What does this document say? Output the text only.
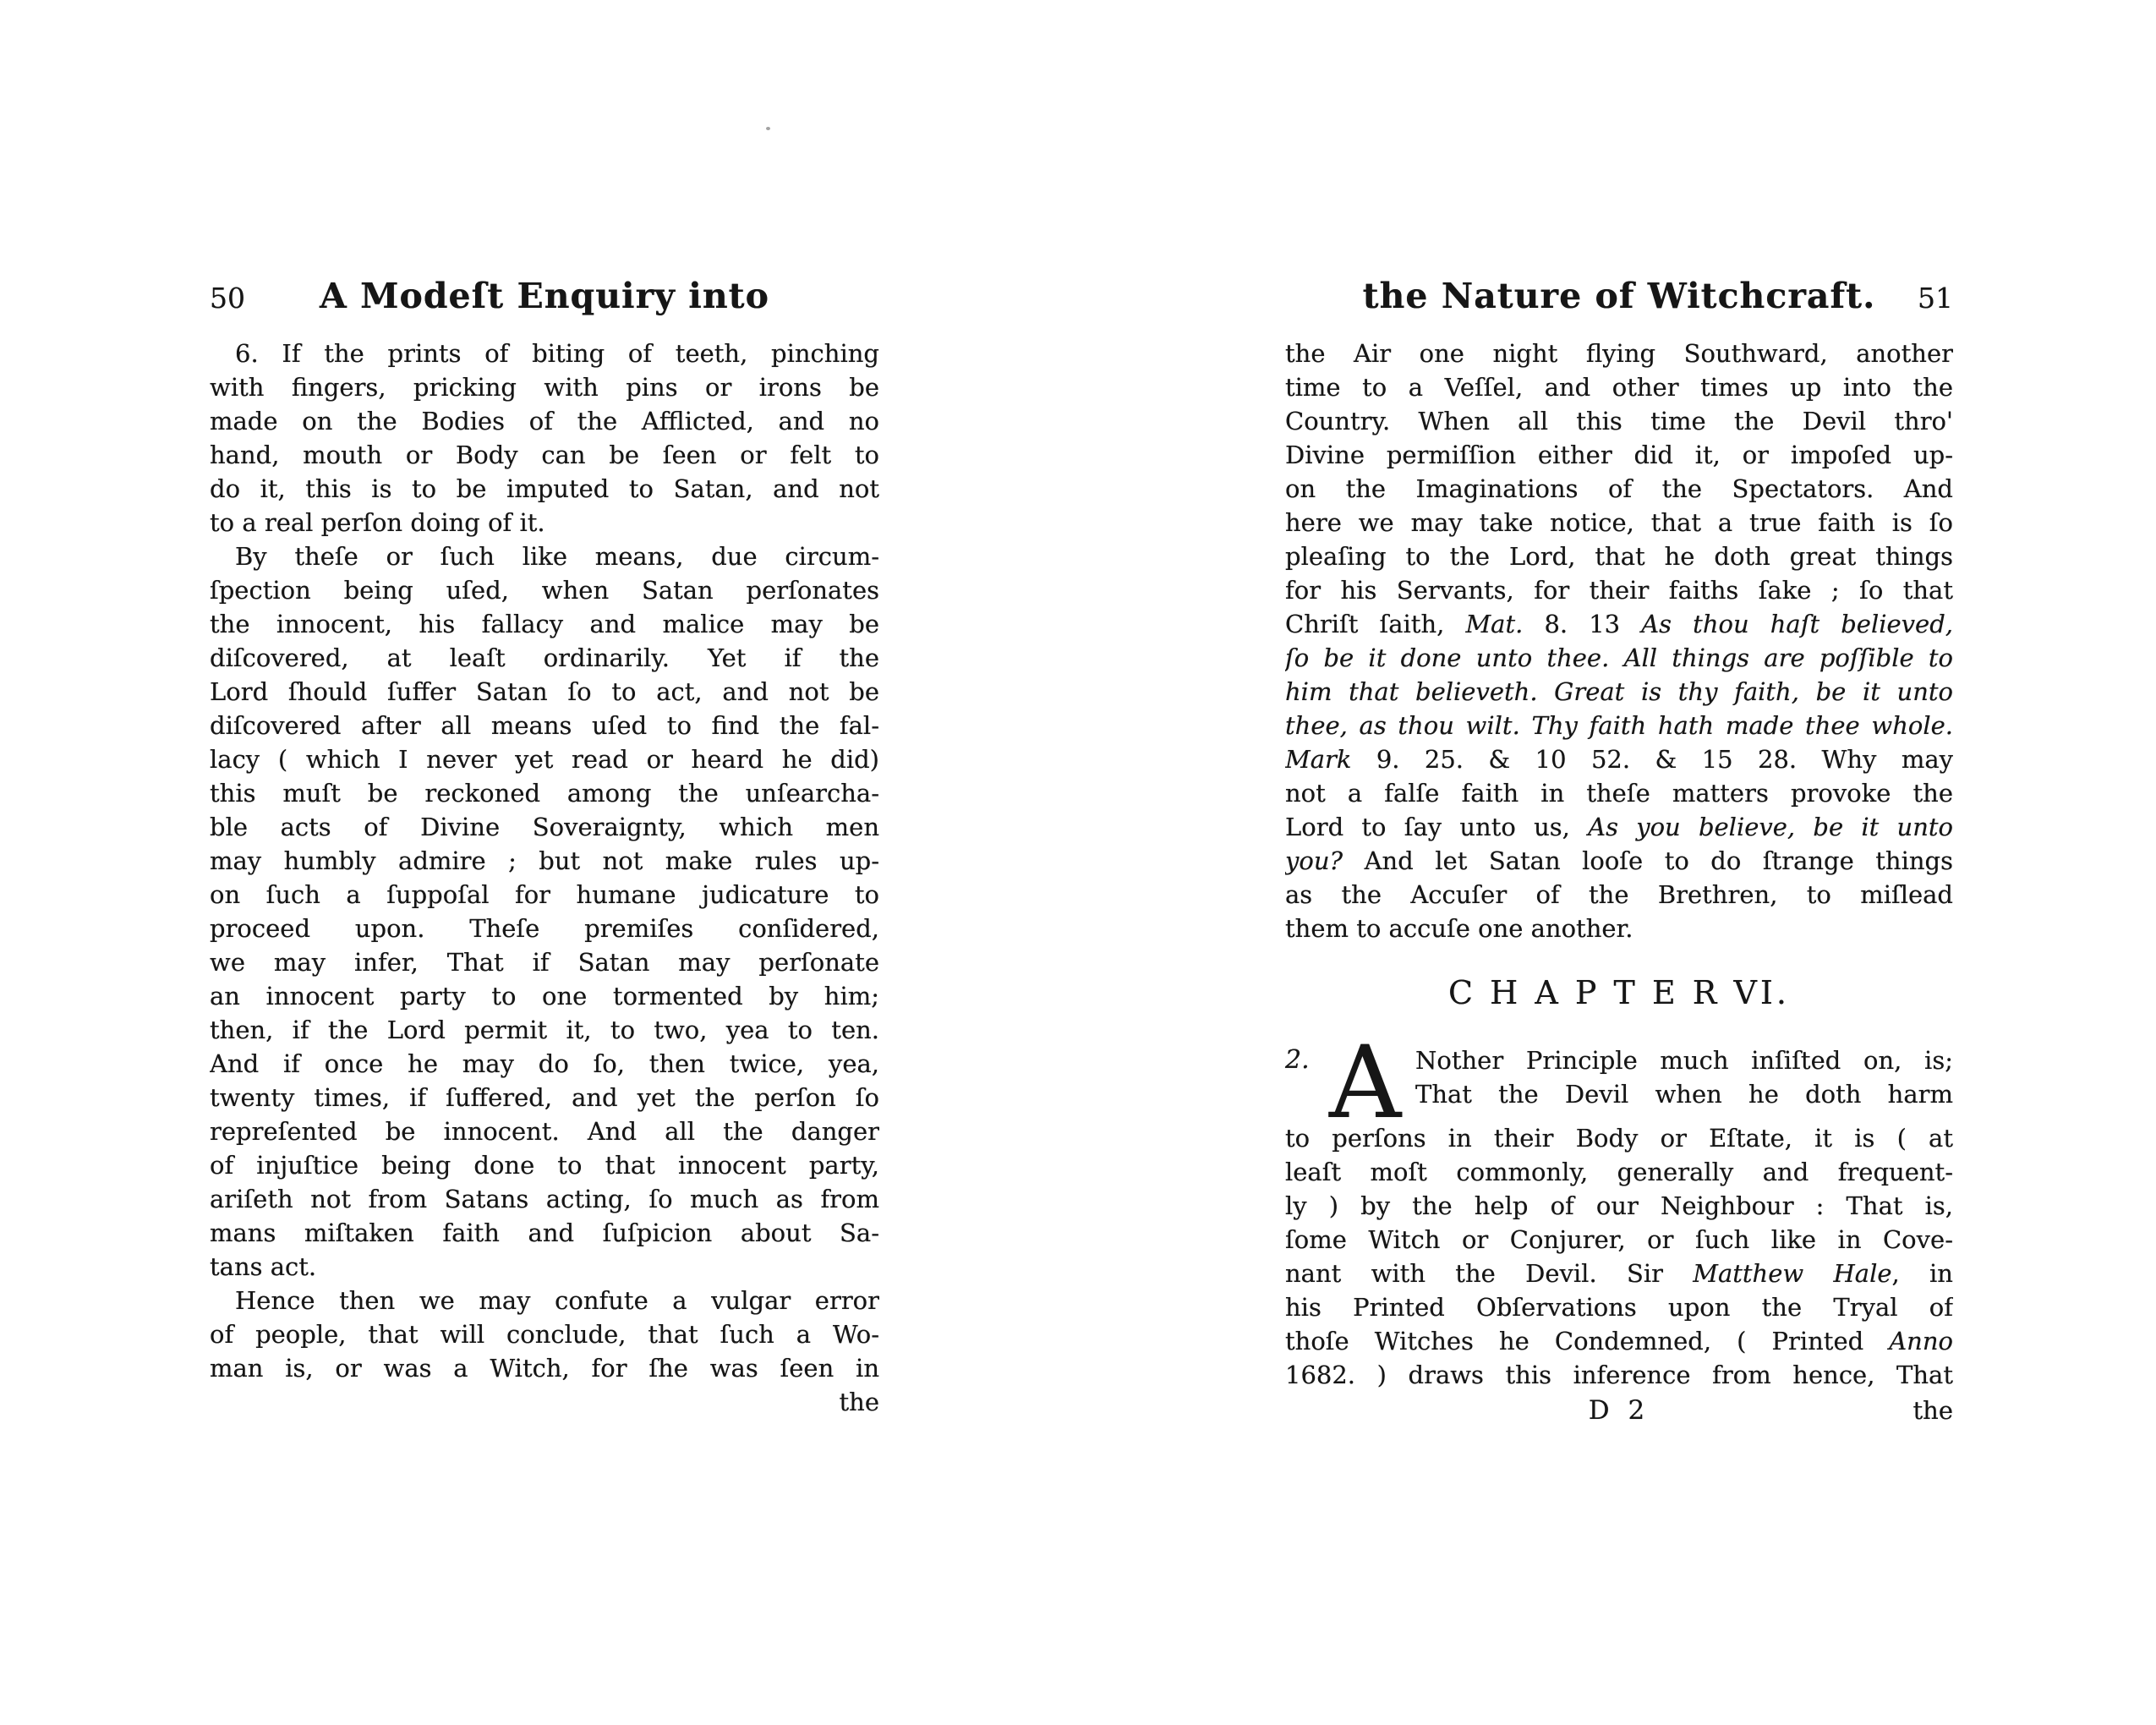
50	A Modeſt Enquiry into
6. If the prints of biting of teeth, pinching
with fingers, pricking with pins or irons be
made on the Bodies of the Afflicted, and no
hand, mouth or Body can be ſeen or felt to
do it, this is to be imputed to Satan, and not
to a real perſon doing of it.
By theſe or ſuch like means, due circum-
ſpection being uſed, when Satan perſonates
the innocent, his fallacy and malice may be
diſcovered, at leaſt ordinarily. Yet if the
Lord ſhould ſuffer Satan ſo to act, and not be
diſcovered after all means uſed to find the fal-
lacy ( which I never yet read or heard he did)
this muſt be reckoned among the unſearcha-
ble acts of Divine Soveraignty, which men
may humbly admire ; but not make rules up-
on ſuch a ſuppoſal for humane judicature to
proceed upon. Theſe premiſes conſidered,
we may infer, That if Satan may perſonate
an innocent party to one tormented by him;
then, if the Lord permit it, to two, yea to ten.
And if once he may do ſo, then twice, yea,
twenty times, if ſuffered, and yet the perſon ſo
repreſented be innocent. And all the danger
of injuſtice being done to that innocent party,
ariſeth not from Satans acting, ſo much as from
mans miſtaken faith and ſuſpicion about Sa-
tans act.
Hence then we may confute a vulgar error
of people, that will conclude, that ſuch a Wo-
man is, or was a Witch, for ſhe was ſeen in
the
the Nature of Witchcraft.	51
the Air one night flying Southward, another
time to a Veſſel, and other times up into the
Country. When all this time the Devil thro'
Divine permiſſion either did it, or impoſed up-
on the Imaginations of the Spectators. And
here we may take notice, that a true faith is ſo
pleaſing to the Lord, that he doth great things
for his Servants, for their faiths ſake ; ſo that
Chriſt ſaith, Mat. 8. 13 As thou haſt believed,
ſo be it done unto thee. All things are poſſible to
him that believeth. Great is thy faith, be it unto
thee, as thou wilt. Thy faith hath made thee whole.
Mark 9. 25. & 10 52. & 15 28. Why may
not a falſe faith in theſe matters provoke the
Lord to ſay unto us, As you believe, be it unto
you? And let Satan looſe to do ſtrange things
as the Accuſer of the Brethren, to miſlead
them to accuſe one another.
C H A P T E R VI.
2. A Nother Principle much inſiſted on, is;
That the Devil when he doth harm
to perſons in their Body or Eſtate, it is ( at
leaſt moſt commonly, generally and frequent-
ly ) by the help of our Neighbour : That is,
ſome Witch or Conjurer, or ſuch like in Cove-
nant with the Devil. Sir Matthew Hale, in
his Printed Obſervations upon the Tryal of
thoſe Witches he Condemned, ( Printed Anno
1682. ) draws this inference from hence, That
D 2	the
